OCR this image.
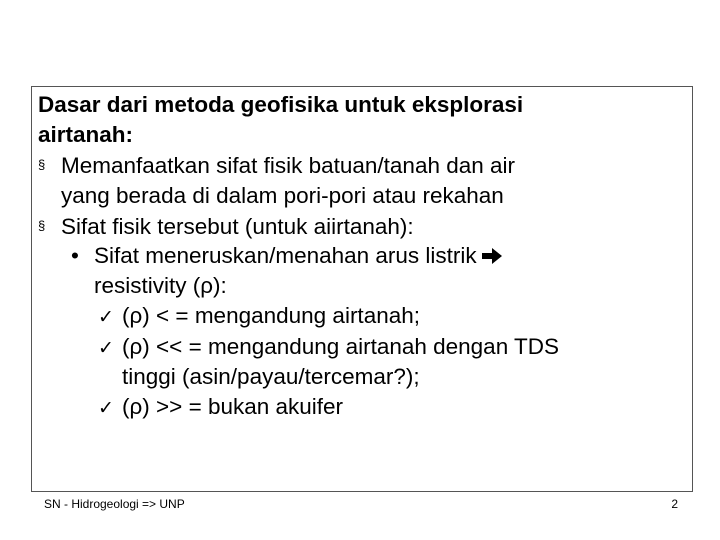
Dasar dari metoda geofisika untuk eksplorasi
airtanah:
§ Memanfaatkan sifat fisik batuan/tanah dan air
yang berada di dalam pori-pori atau rekahan
§ Sifat fisik tersebut (untuk aiirtanah):
• Sifat meneruskan/menahan arus listrik
resistivity (ρ):
✓ (ρ) < = mengandung airtanah;
✓ (ρ) << = mengandung airtanah dengan TDS
tinggi (asin/payau/tercemar?);
✓ (ρ) >> = bukan akuifer
SN - Hidrogeologi => UNP	2
